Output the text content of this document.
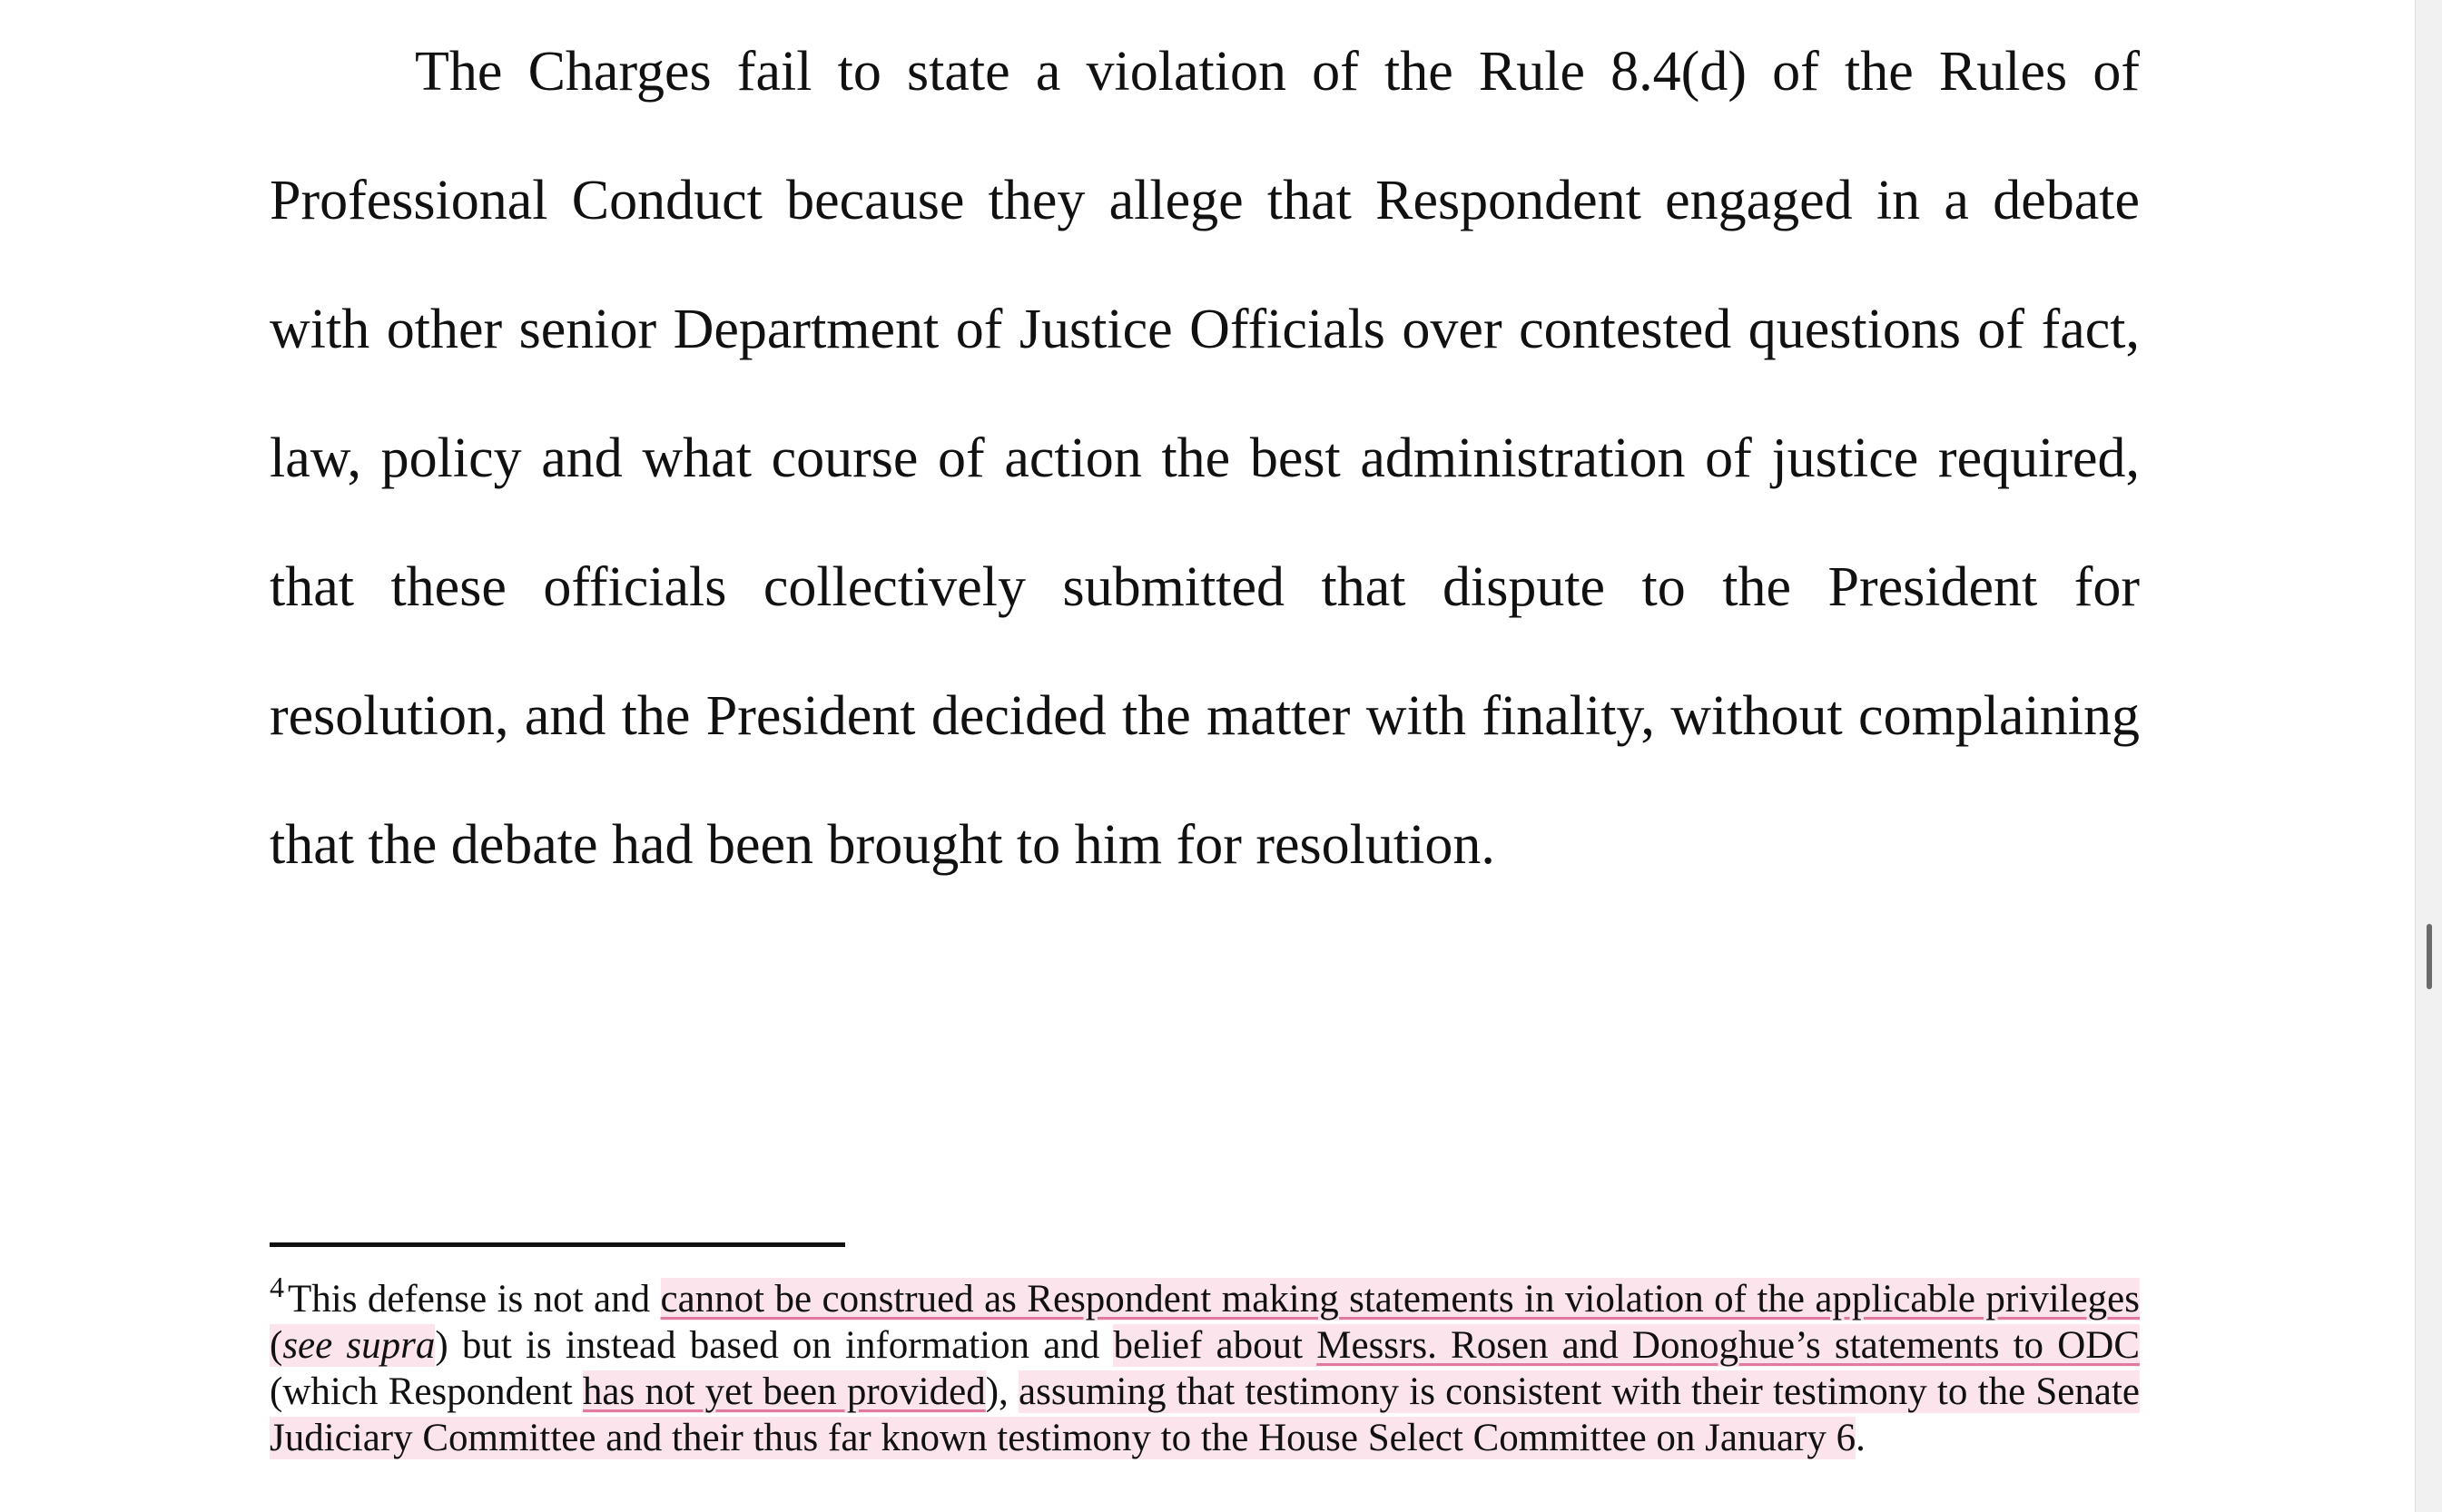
The Charges fail to state a violation of the Rule 8.4(d) of the Rules of Professional Conduct because they allege that Respondent engaged in a debate with other senior Department of Justice Officials over contested questions of fact, law, policy and what course of action the best administration of justice required, that these officials collectively submitted that dispute to the President for resolution, and the President decided the matter with finality, without complaining that the debate had been brought to him for resolution.

$^4$This defense is not and cannot be construed as Respondent making statements in violation of the applicable privileges (see supra) but is instead based on information and belief about Messrs. Rosen and Donoghue’s statements to ODC (which Respondent has not yet been provided), assuming that testimony is consistent with their testimony to the Senate Judiciary Committee and their thus far known testimony to the House Select Committee on January 6.
